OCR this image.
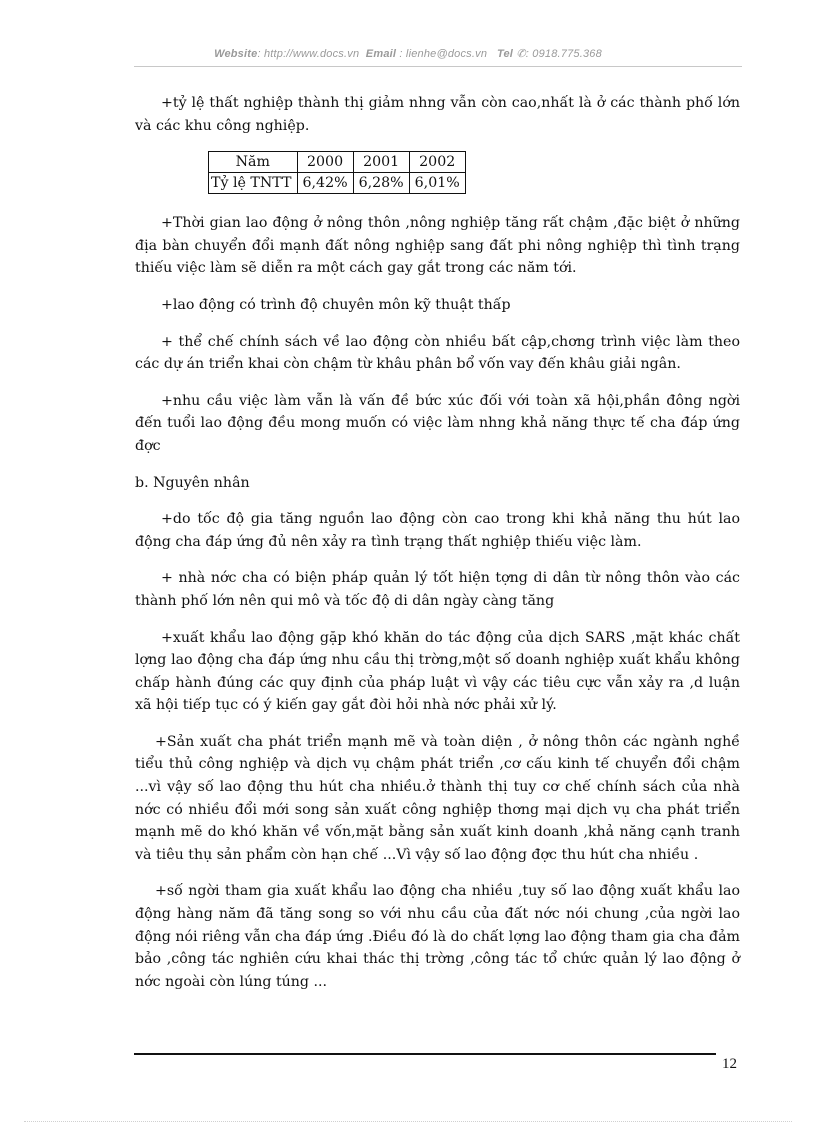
Website: http://www.docs.vn Email : lienhe@docs.vn Tel ✆: 0918.775.368

+tỷ lệ thất nghiệp thành thị giảm nhng vẫn còn cao,nhất là ở các thành phố lớn và các khu công nghiệp.

Năm	2000	2001	2002
Tỷ lệ TNTT	6,42%	6,28%	6,01%

+Thời gian lao động ở nông thôn ,nông nghiệp tăng rất chậm ,đặc biệt ở những địa bàn chuyển đổi mạnh đất nông nghiệp sang đất phi nông nghiệp thì tình trạng thiếu việc làm sẽ diễn ra một cách gay gắt trong các năm tới.

+lao động có trình độ chuyên môn kỹ thuật thấp

+ thể chế chính sách về lao động còn nhiều bất cập,chơng trình việc làm theo các dự án triển khai còn chậm từ khâu phân bổ vốn vay đến khâu giải ngân.

+nhu cầu việc làm vẫn là vấn đề bức xúc đối với toàn xã hội,phần đông ngời đến tuổi lao động đều mong muốn có việc làm nhng khả năng thực tế cha đáp ứng đợc

b. Nguyên nhân

+do tốc độ gia tăng nguồn lao động còn cao trong khi khả năng thu hút lao động cha đáp ứng đủ nên xảy ra tình trạng thất nghiệp thiếu việc làm.

+ nhà nớc cha có biện pháp quản lý tốt hiện tợng di dân từ nông thôn vào các thành phố lớn nên qui mô và tốc độ di dân ngày càng tăng

+xuất khẩu lao động gặp khó khăn do tác động của dịch SARS ,mặt khác chất lợng lao động cha đáp ứng nhu cầu thị trờng,một số doanh nghiệp xuất khẩu không chấp hành đúng các quy định của pháp luật vì vậy các tiêu cực vẫn xảy ra ,d luận xã hội tiếp tục có ý kiến gay gắt đòi hỏi nhà nớc phải xử lý.

+Sản xuất cha phát triển mạnh mẽ và toàn diện , ở nông thôn các ngành nghề tiểu thủ công nghiệp và dịch vụ chậm phát triển ,cơ cấu kinh tế chuyển đổi chậm ...vì vậy số lao động thu hút cha nhiều.ở thành thị tuy cơ chế chính sách của nhà nớc có nhiều đổi mới song sản xuất công nghiệp thơng mại dịch vụ cha phát triển mạnh mẽ do khó khăn về vốn,mặt bằng sản xuất kinh doanh ,khả năng cạnh tranh và tiêu thụ sản phẩm còn hạn chế ...Vì vậy số lao động đợc thu hút cha nhiều .

+số ngời tham gia xuất khẩu lao động cha nhiều ,tuy số lao động xuất khẩu lao động hàng năm đã tăng song so với nhu cầu của đất nớc nói chung ,của ngời lao động nói riêng vẫn cha đáp ứng .Điều đó là do chất lợng lao động tham gia cha đảm bảo ,công tác nghiên cứu khai thác thị trờng ,công tác tổ chức quản lý lao động ở nớc ngoài còn lúng túng ...

12
